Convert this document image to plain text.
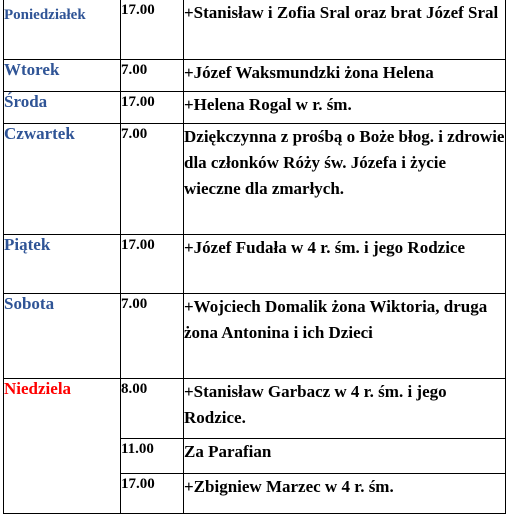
Poniedziałek	17.00	+Stanisław i Zofia Sral oraz brat Józef Sral
Wtorek	7.00	+Józef Waksmundzki żona Helena
Środa	17.00	+Helena Rogal w r. śm.
Czwartek	7.00	Dziękczynna z prośbą o Boże błog. i zdrowie dla członków Róży św. Józefa i życie wieczne dla zmarłych.
Piątek	17.00	+Józef Fudała w 4 r. śm. i jego Rodzice
Sobota	7.00	+Wojciech Domalik żona Wiktoria, druga żona Antonina i ich Dzieci
Niedziela	8.00	+Stanisław Garbacz w 4 r. śm. i jego Rodzice.
	11.00	Za Parafian
	17.00	+Zbigniew Marzec w 4 r. śm.
